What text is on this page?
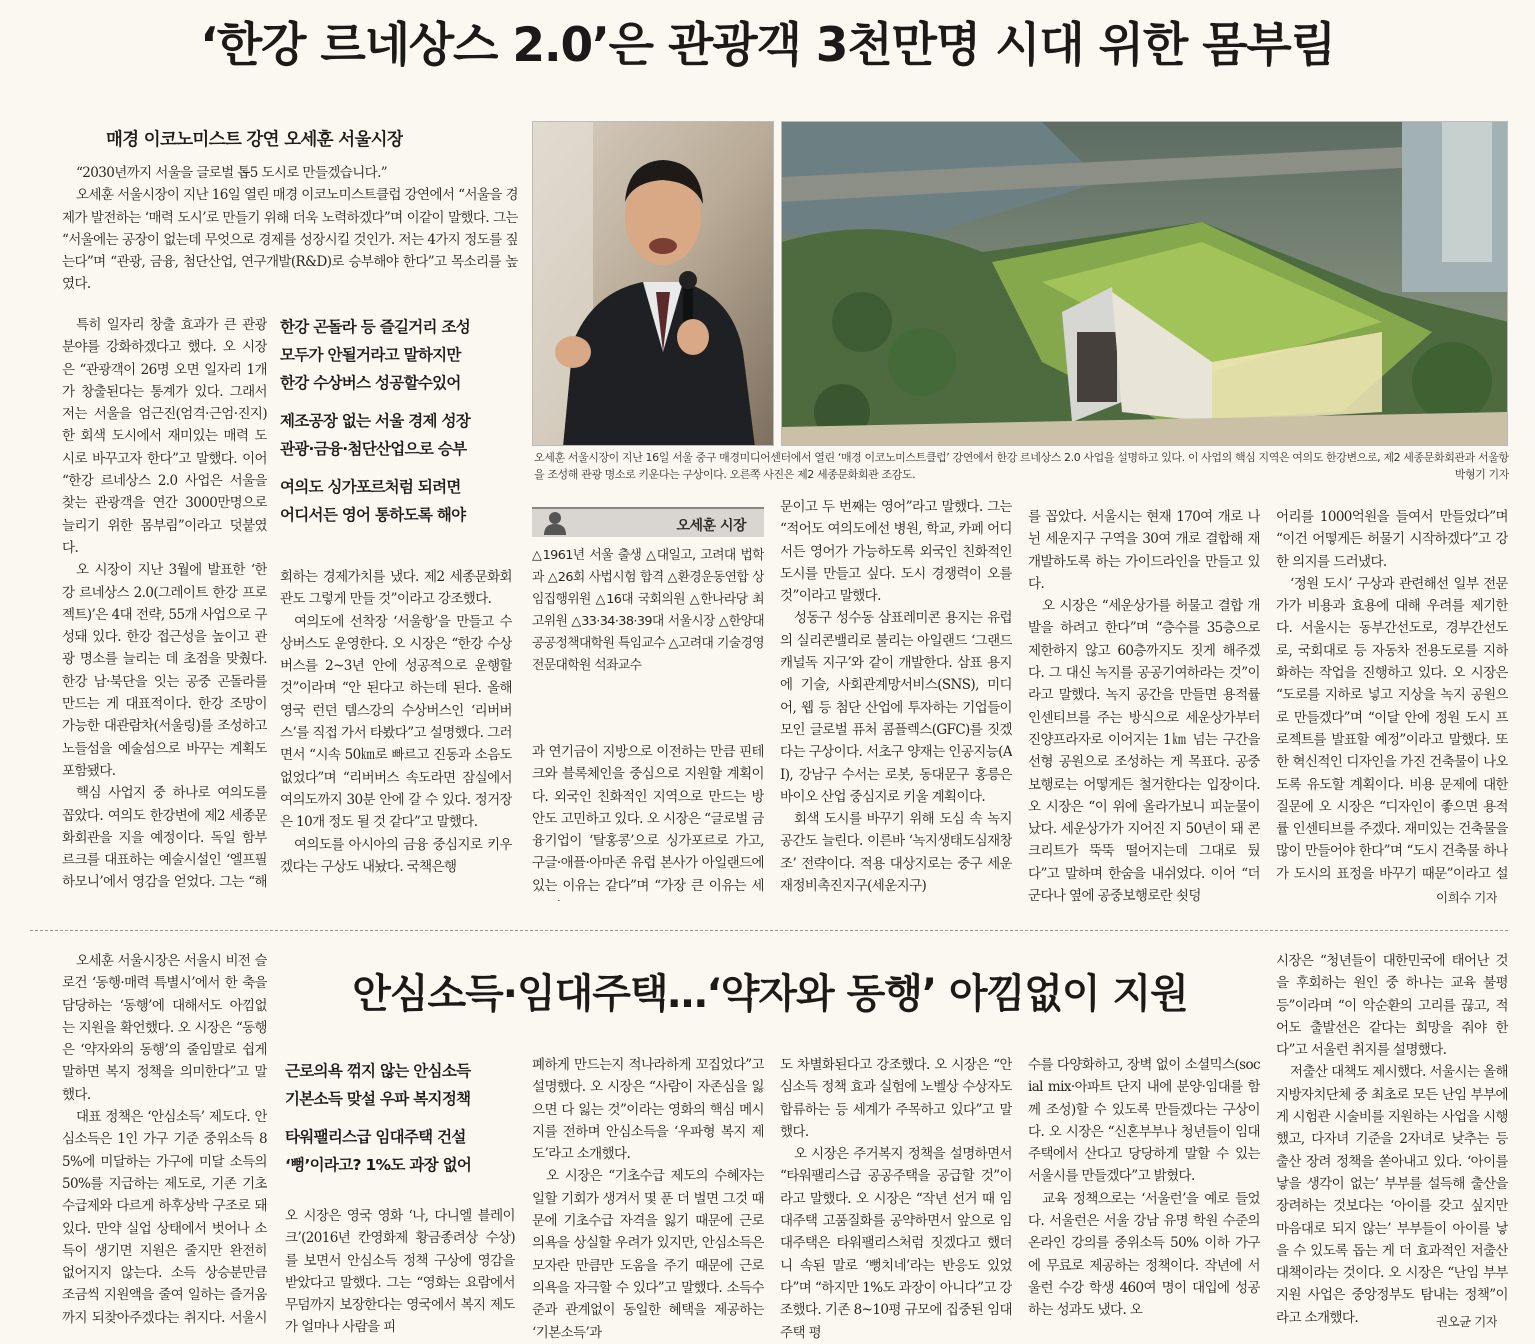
‘한강 르네상스 2.0’은 관광객 3천만명 시대 위한 몸부림
매경 이코노미스트 강연 오세훈 서울시장

“2030년까지 서울을 글로벌 톱5 도시로 만들겠습니다.”

오세훈 서울시장이 지난 16일 열린 매경 이코노미스트클럽 강연에서 “서울을 경제가 발전하는 ‘매력 도시’로 만들기 위해 더욱 노력하겠다”며 이같이 말했다. 그는 “서울에는 공장이 없는데 무엇으로 경제를 성장시킬 것인가. 저는 4가지 정도를 짚는다”며 “관광, 금융, 첨단산업, 연구개발(R&D)로 승부해야 한다”고 목소리를 높였다.

특히 일자리 창출 효과가 큰 관광 분야를 강화하겠다고 했다. 오 시장은 “관광객이 26명 오면 일자리 1개가 창출된다는 통계가 있다. 그래서 저는 서울을 엄근진(엄격·근엄·진지)한 회색 도시에서 재미있는 매력 도시로 바꾸고자 한다”고 말했다. 이어 “한강 르네상스 2.0 사업은 서울을 찾는 관광객을 연간 3000만명으로 늘리기 위한 몸부림”이라고 덧붙였다.

오 시장이 지난 3월에 발표한 ‘한강 르네상스 2.0(그레이트 한강 프로젝트)’은 4대 전략, 55개 사업으로 구성돼 있다. 한강 접근성을 높이고 관광 명소를 늘리는 데 초점을 맞췄다. 한강 남·북단을 잇는 공중 곤돌라를 만드는 게 대표적이다. 한강 조망이 가능한 대관람차(서울링)를 조성하고 노들섬을 예술섬으로 바꾸는 계획도 포함됐다.

핵심 사업지 중 하나로 여의도를 꼽았다. 여의도 한강변에 제2 세종문화회관을 지을 예정이다. 독일 함부르크를 대표하는 예술시설인 ‘엘프필하모니’에서 영감을 얻었다. 그는 “해

한강 곤돌라 등 즐길거리 조성
모두가 안될거라고 말하지만
한강 수상버스 성공할수있어
제조공장 없는 서울 경제 성장
관광·금융·첨단산업으로 승부
여의도 싱가포르처럼 되려면
어디서든 영어 통하도록 해야

회하는 경제가치를 냈다. 제2 세종문화회관도 그렇게 만들 것”이라고 강조했다.

여의도에 선착장 ‘서울항’을 만들고 수상버스도 운영한다. 오 시장은 “한강 수상버스를 2~3년 안에 성공적으로 운행할 것”이라며 “안 된다고 하는데 된다. 올해 영국 런던 템스강의 수상버스인 ‘리버버스’를 직접 가서 타봤다”고 설명했다. 그러면서 “시속 50㎞로 빠르고 진동과 소음도 없었다”며 “리버버스 속도라면 잠실에서 여의도까지 30분 안에 갈 수 있다. 정거장은 10개 정도 될 것 같다”고 말했다.

여의도를 아시아의 금융 중심지로 키우겠다는 구상도 내놨다. 국책은행

오세훈 서울시장이 지난 16일 서울 중구 매경미디어센터에서 열린 ‘매경 이코노미스트클럽’ 강연에서 한강 르네상스 2.0 사업을 설명하고 있다. 이 사업의 핵심 지역은 여의도 한강변으로, 제2 세종문화회관과 서울항을 조성해 관광 명소로 키운다는 구상이다. 오른쪽 사진은 제2 세종문화회관 조감도.	박형기 기자
오세훈 시장

△1961년 서울 출생 △대일고, 고려대 법학과 △26회 사법시험 합격 △환경운동연합 상임집행위원 △16대 국회의원 △한나라당 최고위원 △33·34·38·39대 서울시장 △한양대 공공정책대학원 특임교수 △고려대 기술경영전문대학원 석좌교수

과 연기금이 지방으로 이전하는 만큼 핀테크와 블록체인을 중심으로 지원할 계획이다. 외국인 친화적인 지역으로 만드는 방안도 고민하고 있다. 오 시장은 “글로벌 금융기업이 ‘탈홍콩’으로 싱가포르로 가고, 구글·애플·아마존 유럽 본사가 아일랜드에 있는 이유는 같다”며 “가장 큰 이유는 세

문이고 두 번째는 영어”라고 말했다. 그는 “적어도 여의도에선 병원, 학교, 카페 어디서든 영어가 가능하도록 외국인 친화적인 도시를 만들고 싶다. 도시 경쟁력이 오를 것”이라고 말했다.

성동구 성수동 삼표레미콘 용지는 유럽의 실리콘밸리로 불리는 아일랜드 ‘그랜드 캐널독 지구’와 같이 개발한다. 삼표 용지에 기술, 사회관계망서비스(SNS), 미디어, 웹 등 첨단 산업에 투자하는 기업들이 모인 글로벌 퓨처 콤플렉스(GFC)를 짓겠다는 구상이다. 서초구 양재는 인공지능(AI), 강남구 수서는 로봇, 동대문구 홍릉은 바이오 산업 중심지로 키울 계획이다.

회색 도시를 바꾸기 위해 도심 속 녹지 공간도 늘린다. 이른바 ‘녹지생태도심재창조’ 전략이다. 적용 대상지로는 중구 세운재정비촉진지구(세운지구)

를 꼽았다. 서울시는 현재 170여 개로 나뉜 세운지구 구역을 30여 개로 결합해 재개발하도록 하는 가이드라인을 만들고 있다.

오 시장은 “세운상가를 허물고 결합 개발을 하려고 한다”며 “층수를 35층으로 제한하지 않고 60층까지도 짓게 해주겠다. 그 대신 녹지를 공공기여하라는 것”이라고 말했다. 녹지 공간을 만들면 용적률 인센티브를 주는 방식으로 세운상가부터 진양프라자로 이어지는 1㎞ 넘는 구간을 선형 공원으로 조성하는 게 목표다. 공중보행로는 어떻게든 철거한다는 입장이다. 오 시장은 “이 위에 올라가보니 피눈물이 났다. 세운상가가 지어진 지 50년이 돼 콘크리트가 뚝뚝 떨어지는데 그대로 뒀다”고 말하며 한숨을 내쉬었다. 이어 “더군다나 옆에 공중보행로란 쇳덩

어리를 1000억원을 들여서 만들었다”며 “이건 어떻게든 허물기 시작하겠다”고 강한 의지를 드러냈다.

‘정원 도시’ 구상과 관련해선 일부 전문가가 비용과 효용에 대해 우려를 제기한다. 서울시는 동부간선도로, 경부간선도로, 국회대로 등 자동차 전용도로를 지하화하는 작업을 진행하고 있다. 오 시장은 “도로를 지하로 넣고 지상을 녹지 공원으로 만들겠다”며 “이달 안에 정원 도시 프로젝트를 발표할 예정”이라고 말했다. 또한 혁신적인 디자인을 가진 건축물이 나오도록 유도할 계획이다. 비용 문제에 대한 질문에 오 시장은 “디자인이 좋으면 용적률 인센티브를 주겠다. 재미있는 건축물을 많이 만들어야 한다”며 “도시 건축물 하나가 도시의 표정을 바꾸기 때문”이라고 설

이희수 기자
안심소득·임대주택…‘약자와 동행’ 아낌없이 지원

오세훈 서울시장은 서울시 비전 슬로건 ‘동행·매력 특별시’에서 한 축을 담당하는 ‘동행’에 대해서도 아낌없는 지원을 확언했다. 오 시장은 “동행은 ‘약자와의 동행’의 줄임말로 쉽게 말하면 복지 정책을 의미한다”고 말했다.

대표 정책은 ‘안심소득’ 제도다. 안심소득은 1인 가구 기준 중위소득 85%에 미달하는 가구에 미달 소득의 50%를 지급하는 제도로, 기존 기초수급제와 다르게 하후상박 구조로 돼 있다. 만약 실업 상태에서 벗어나 소득이 생기면 지원은 줄지만 완전히 없어지지 않는다. 소득 상승분만큼 조금씩 지원액을 줄여 일하는 즐거움까지 되찾아주겠다는 취지다. 서울시

근로의욕 꺾지 않는 안심소득
기본소득 맞설 우파 복지정책
타워팰리스급 임대주택 건설
‘뻥’이라고? 1%도 과장 없어

오 시장은 영국 영화 ‘나, 다니엘 블레이크’(2016년 칸영화제 황금종려상 수상)를 보면서 안심소득 정책 구상에 영감을 받았다고 말했다. 그는 “영화는 요람에서 무덤까지 보장한다는 영국에서 복지 제도가 얼마나 사람을 피

폐하게 만드는지 적나라하게 꼬집었다”고 설명했다. 오 시장은 “사람이 자존심을 잃으면 다 잃는 것”이라는 영화의 핵심 메시지를 전하며 안심소득을 ‘우파형 복지 제도’라고 소개했다.

오 시장은 “기초수급 제도의 수혜자는 일할 기회가 생겨서 몇 푼 더 벌면 그것 때문에 기초수급 자격을 잃기 때문에 근로 의욕을 상실할 우려가 있지만, 안심소득은 모자란 만큼만 도움을 주기 때문에 근로 의욕을 자극할 수 있다”고 말했다. 소득수준과 관계없이 동일한 혜택을 제공하는 ‘기본소득’과

도 차별화된다고 강조했다. 오 시장은 “안심소득 정책 효과 실험에 노벨상 수상자도 합류하는 등 세계가 주목하고 있다”고 말했다.

오 시장은 주거복지 정책을 설명하면서 “타워팰리스급 공공주택을 공급할 것”이라고 말했다. 오 시장은 “작년 선거 때 임대주택 고품질화를 공약하면서 앞으로 임대주택은 타워팰리스처럼 짓겠다고 했더니 속된 말로 ‘뻥치네’라는 반응도 있었다”며 “하지만 1%도 과장이 아니다”고 강조했다. 기존 8~10평 규모에 집중된 임대주택 평

수를 다양화하고, 장벽 없이 소셜믹스(social mix·아파트 단지 내에 분양·임대를 함께 조성)할 수 있도록 만들겠다는 구상이다. 오 시장은 “신혼부부나 청년들이 임대주택에서 산다고 당당하게 말할 수 있는 서울시를 만들겠다”고 밝혔다.

교육 정책으로는 ‘서울런’을 예로 들었다. 서울런은 서울 강남 유명 학원 수준의 온라인 강의를 중위소득 50% 이하 가구에 무료로 제공하는 정책이다. 작년에 서울런 수강 학생 460여 명이 대입에 성공하는 성과도 냈다. 오

시장은 “청년들이 대한민국에 태어난 것을 후회하는 원인 중 하나는 교육 불평등”이라며 “이 악순환의 고리를 끊고, 적어도 출발선은 같다는 희망을 줘야 한다”고 서울런 취지를 설명했다.

저출산 대책도 제시했다. 서울시는 올해 지방자치단체 중 최초로 모든 난임 부부에게 시험관 시술비를 지원하는 사업을 시행했고, 다자녀 기준을 2자녀로 낮추는 등 출산 장려 정책을 쏟아내고 있다. ‘아이를 낳을 생각이 없는’ 부부를 설득해 출산을 장려하는 것보다는 ‘아이를 갖고 싶지만 마음대로 되지 않는’ 부부들이 아이를 낳을 수 있도록 돕는 게 더 효과적인 저출산 대책이라는 것이다. 오 시장은 “난임 부부 지원 사업은 중앙정부도 탐내는 정책”이라고 소개했다.	권오균 기자
